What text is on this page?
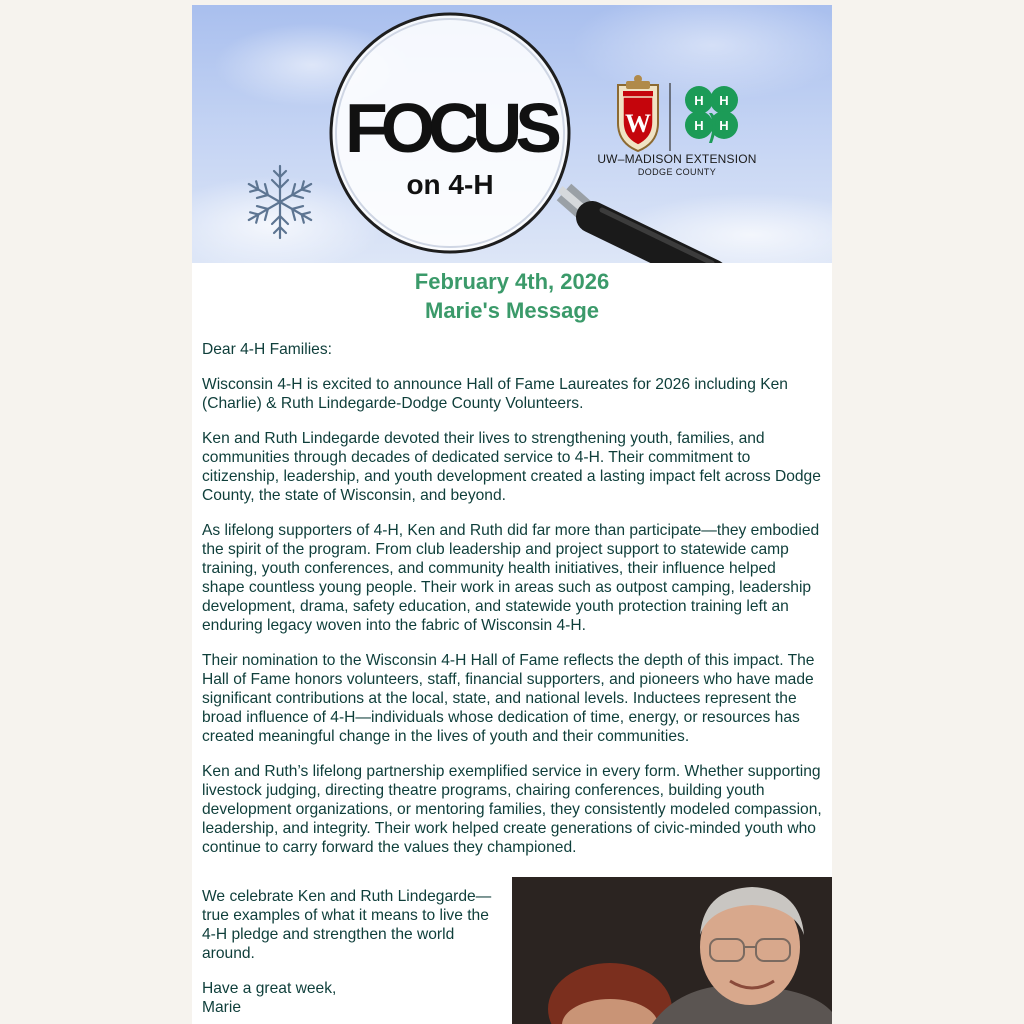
FOCUS
on 4-H
W
H H
H H
UW–MADISON EXTENSION
DODGE COUNTY
February 4th, 2026
Marie's Message

Dear 4-H Families:

Wisconsin 4-H is excited to announce Hall of Fame Laureates for 2026 including Ken (Charlie) & Ruth Lindegarde-Dodge County Volunteers.

Ken and Ruth Lindegarde devoted their lives to strengthening youth, families, and communities through decades of dedicated service to 4-H. Their commitment to citizenship, leadership, and youth development created a lasting impact felt across Dodge County, the state of Wisconsin, and beyond.

As lifelong supporters of 4-H, Ken and Ruth did far more than participate—they embodied the spirit of the program. From club leadership and project support to statewide camp training, youth conferences, and community health initiatives, their influence helped shape countless young people. Their work in areas such as outpost camping, leadership development, drama, safety education, and statewide youth protection training left an enduring legacy woven into the fabric of Wisconsin 4-H.

Their nomination to the Wisconsin 4-H Hall of Fame reflects the depth of this impact. The Hall of Fame honors volunteers, staff, financial supporters, and pioneers who have made significant contributions at the local, state, and national levels. Inductees represent the broad influence of 4-H—individuals whose dedication of time, energy, or resources has created meaningful change in the lives of youth and their communities.

Ken and Ruth’s lifelong partnership exemplified service in every form. Whether supporting livestock judging, directing theatre programs, chairing conferences, building youth development organizations, or mentoring families, they consistently modeled compassion, leadership, and integrity. Their work helped create generations of civic-minded youth who continue to carry forward the values they championed.

We celebrate Ken and Ruth Lindegarde—true examples of what it means to live the 4-H pledge and strengthen the world around.

Have a great week,
Marie
